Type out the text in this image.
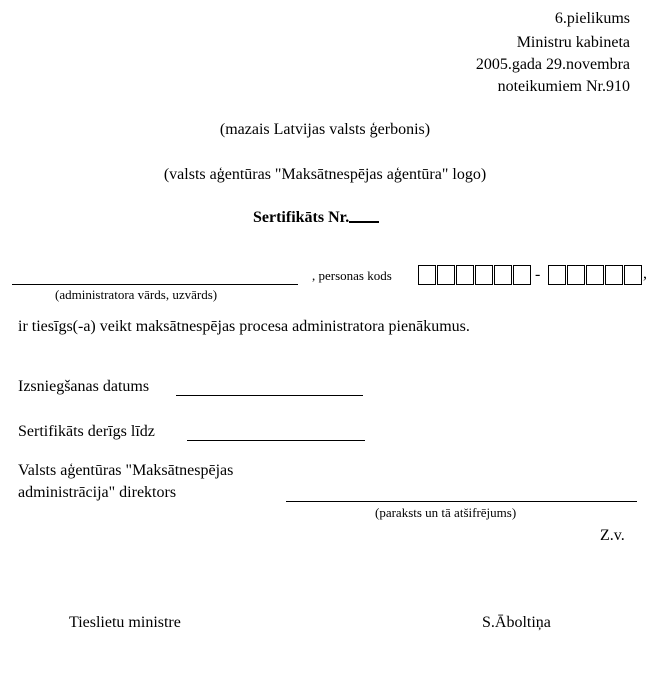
6.pielikums
Ministru kabineta
2005.gada 29.novembra
noteikumiem Nr.910
(mazais Latvijas valsts ģerbonis)
(valsts aģentūras "Maksātnespējas aģentūra" logo)
Sertifikāts Nr.
(administratora vārds, uzvārds)
, personas kods	-	,
ir tiesīgs(-a) veikt maksātnespējas procesa administratora pienākumus.
Izsniegšanas datums
Sertifikāts derīgs līdz
Valsts aģentūras "Maksātnespējas
administrācija" direktors
(paraksts un tā atšifrējums)
Z.v.
Tieslietu ministre	S.Āboltiņa
